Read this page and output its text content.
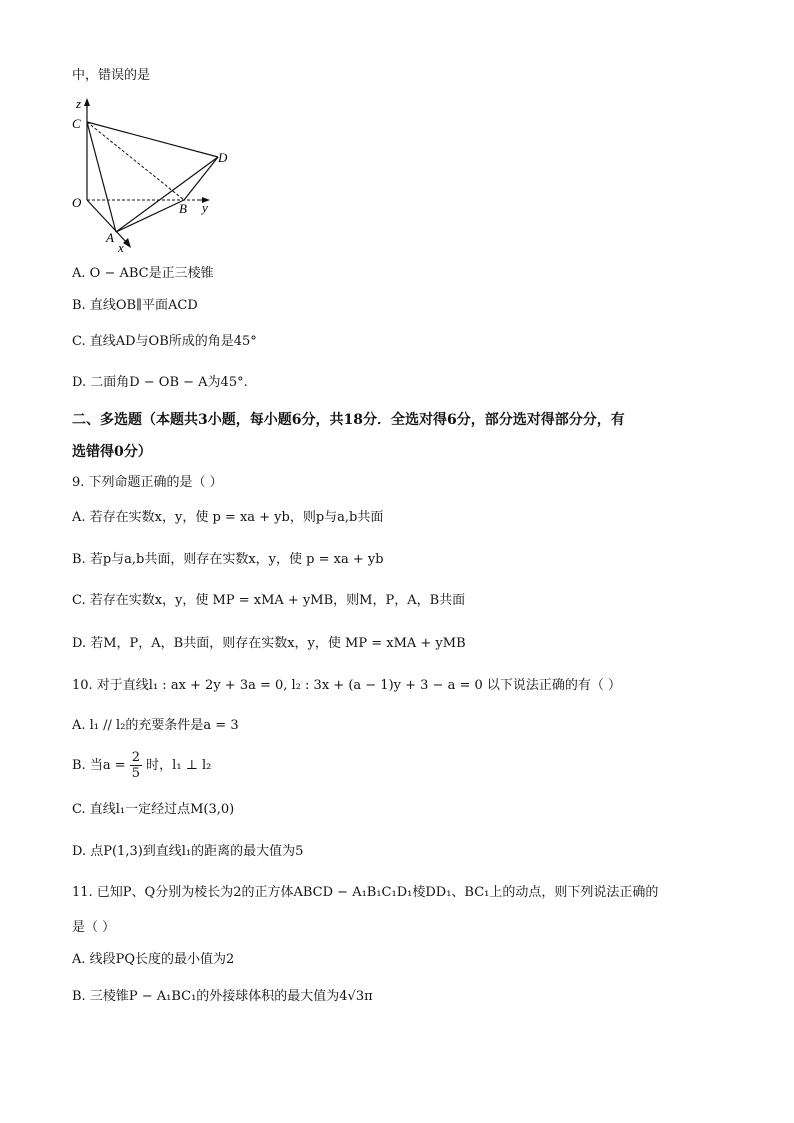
中，错误的是
z
C
D
O	B y
A
x
A. O − ABC是正三棱锥
B. 直线OB∥平面ACD
C. 直线AD与OB所成的角是45°
D. 二面角D − OB − A为45°.
二、多选题（本题共3小题，每小题6分，共18分．全选对得6分，部分选对得部分分，有
选错得0分）
9. 下列命题正确的是（ ）
A. 若存在实数x，y，使 p = xa + yb，则p与a,b共面
B. 若p与a,b共面，则存在实数x，y，使 p = xa + yb
C. 若存在实数x，y，使 MP = xMA + yMB，则M，P，A，B共面
D. 若M，P，A，B共面，则存在实数x，y，使 MP = xMA + yMB
10. 对于直线l₁ : ax + 2y + 3a = 0, l₂ : 3x + (a − 1)y + 3 − a = 0 以下说法正确的有（ ）
A. l₁ // l₂的充要条件是a = 3
B. 当$a = \frac{2}{5}$ 时，l₁ ⊥ l₂
C. 直线l₁一定经过点M(3,0)
D. 点P(1,3)到直线l₁的距离的最大值为5
11. 已知P、Q分别为棱长为2的正方体ABCD − A₁B₁C₁D₁棱DD₁、BC₁上的动点，则下列说法正确的
是（ ）
A. 线段PQ长度的最小值为2
B. 三棱锥P − A₁BC₁的外接球体积的最大值为4√3π
